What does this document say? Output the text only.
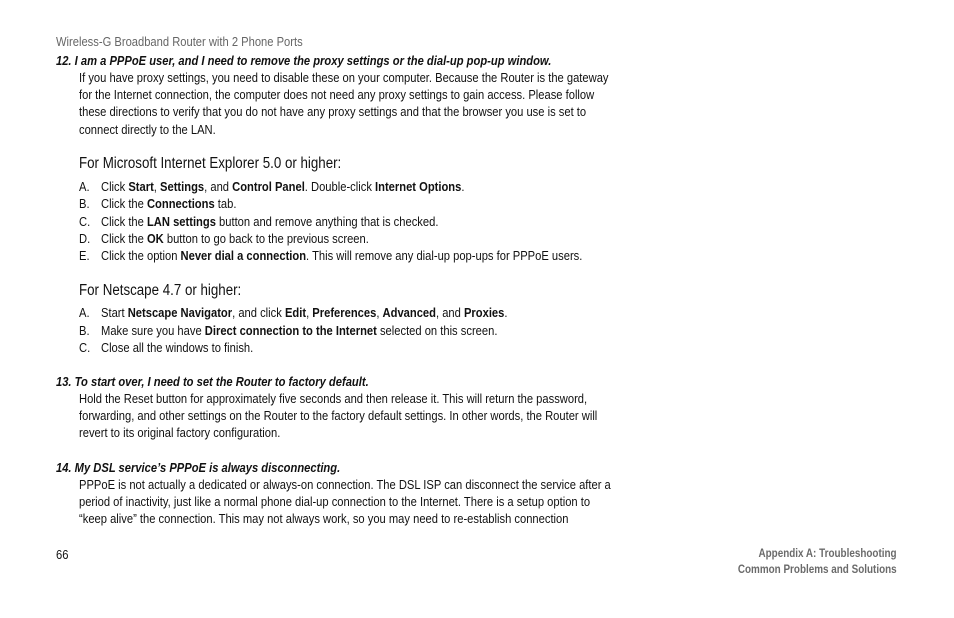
Wireless-G Broadband Router with 2 Phone Ports
12. I am a PPPoE user, and I need to remove the proxy settings or the dial-up pop-up window.
If you have proxy settings, you need to disable these on your computer. Because the Router is the gateway
for the Internet connection, the computer does not need any proxy settings to gain access. Please follow
these directions to verify that you do not have any proxy settings and that the browser you use is set to
connect directly to the LAN.
For Microsoft Internet Explorer 5.0 or higher:
A. Click Start, Settings, and Control Panel. Double-click Internet Options.
B. Click the Connections tab.
C. Click the LAN settings button and remove anything that is checked.
D. Click the OK button to go back to the previous screen.
E. Click the option Never dial a connection. This will remove any dial-up pop-ups for PPPoE users.
For Netscape 4.7 or higher:
A. Start Netscape Navigator, and click Edit, Preferences, Advanced, and Proxies.
B. Make sure you have Direct connection to the Internet selected on this screen.
C. Close all the windows to finish.
13. To start over, I need to set the Router to factory default.
Hold the Reset button for approximately five seconds and then release it. This will return the password,
forwarding, and other settings on the Router to the factory default settings. In other words, the Router will
revert to its original factory configuration.
14. My DSL service’s PPPoE is always disconnecting.
PPPoE is not actually a dedicated or always-on connection. The DSL ISP can disconnect the service after a
period of inactivity, just like a normal phone dial-up connection to the Internet. There is a setup option to
“keep alive” the connection. This may not always work, so you may need to re-establish connection
66	Appendix A: Troubleshooting
Common Problems and Solutions
